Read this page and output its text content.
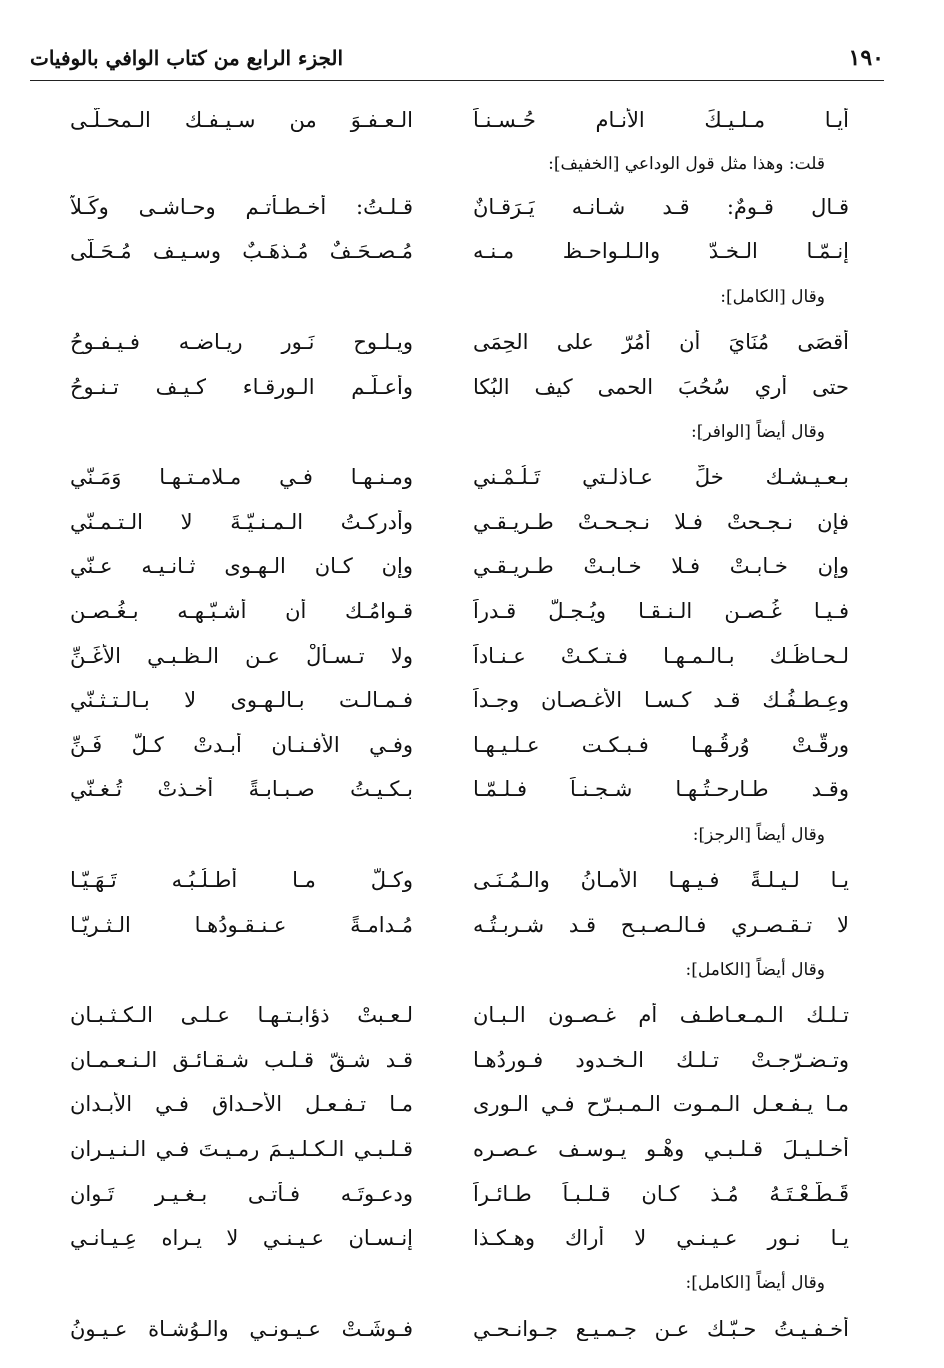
١٩٠
الجزء الرابع من كتاب الوافي بالوفيات
أيـا مـلـيـكَ الأنـام حُـسـنـاً
الـعـفـوَ من سـيـفـك الـمحـلّـى
قلت: وهذا مثل قول الوداعي [الخفيف]:
قـال قـومٌ: قـد شـانـه يَـرَقـانٌ
قـلـتُ: أخـطـأتـم وحـاشـى وكَـلاّ
إنـمّـا الـخـدّ والـلـواحـظ مـنـه
مُـصـحَـفٌ مُـذهَـبٌ وسـيـف مُـحَـلّى
وقال [الكامل]:
أقصَى مُنَايَ أن أمُرّ على الحِمَى
ويـلـوح نَـور ريـاضـه فـيـفـوحُ
حتى أرِي سُحُبَ الحمى كيف البُكا
وأُعـلّـم الـورقـاء كـيـف تـنـوحُ
وقال أيضاً [الوافر]:
بـعـيـشـك خلِّ عـاذلـتي تَـلُـمْـني
ومـنـهـا فـي مـلامـتـهـا وَمَـنّي
فإن نـجـحتْ فـلا نـجـحـتْ طـريـقـي
وأدركـتُ الـمـنـيّـةَ لا الـتـمـنّي
وإن خـابـتْ فـلا خـابـتْ طـريـقـي
وإن كـان الـهـوى ثـانـيـه عـنّي
فـيـا غُـصـن الـنـقـا ويُـجـلّ قـدراً
قـوامُـك أن أُشـبّـهـه بـغُـصـنِ
لـحـاظُـك بـالـمـهـا فـتـكـتْ عـنـاداً
ولا تـسـألْ عـن الـظـبـي الأغَـنِّ
وعِـطـفُـك قـد كـسـا الأغـصـان وجـداً
فـمـالـت بـالـهـوى لا بـالـتـثـنّي
ورقّـتْ وُرقُـهـا فـبـكـت عـلـيـهـا
وفـي الأفـنـان أبـدتْ كـلَّ فَـنِّ
وقـد طـارحـتُـهـا شـجـنـاً فـلـمّـا
بـكـيـتُ صـبـابـةً أخـذتْ تُـغـنّي
وقال أيضاً [الرجز]:
يـا لـيـلـةً فـيـهـا الأمـانُ والـمُـنَـى
وكـلّ مـا أطـلُـبُـه تَـهَـيّـا
لا تـقـصـري فـالـصـبـح قـد شـربـتُـه
مُـدامـةً عـنـقـودُهـا الـثـريّـا
وقال أيضاً [الكامل]:
تـلـك الـمـعـاطـف أم غـصـون الـبـانِ
لـعـبتْ ذؤابـتـهـا عـلـى الـكـثـبـانِ
وتـضـرّجـتْ تـلـك الـخـدود فـوردُهـا
قـد شـقّ قـلـب شـقـائـق الـنـعـمـانِ
مـا يـفـعـل الـمـوت الـمـبـرّح فـي الـورى
مـا تـفـعـل الأحـداق فـي الأبـدانِ
أخـلـيـلَ قـلـبـي وهْـو يـوسـف عـصـره
قـلـبـي الـكـلـيـمَ رمـيـتَ فـي الـنـيـرانِ
قَـطَّـعْـتَـهُ مُـذ كـان قـلـبـاً طـائـراً
ودعـوتَـه فـأتـى بـغـيـر تَـوانِ
يـا نـور عـيـنـي لا أراك وهـكـذا
إنـسـان عـيـنـي لا يـراه عِـيـانـي
وقال أيضاً [الكامل]:
أخـفـيـتُ حـبّـك عـن جـمـيـع جـوانـحـي
فـوشَـتْ عـيـونـي والـوُشـاة عـيـونُ
